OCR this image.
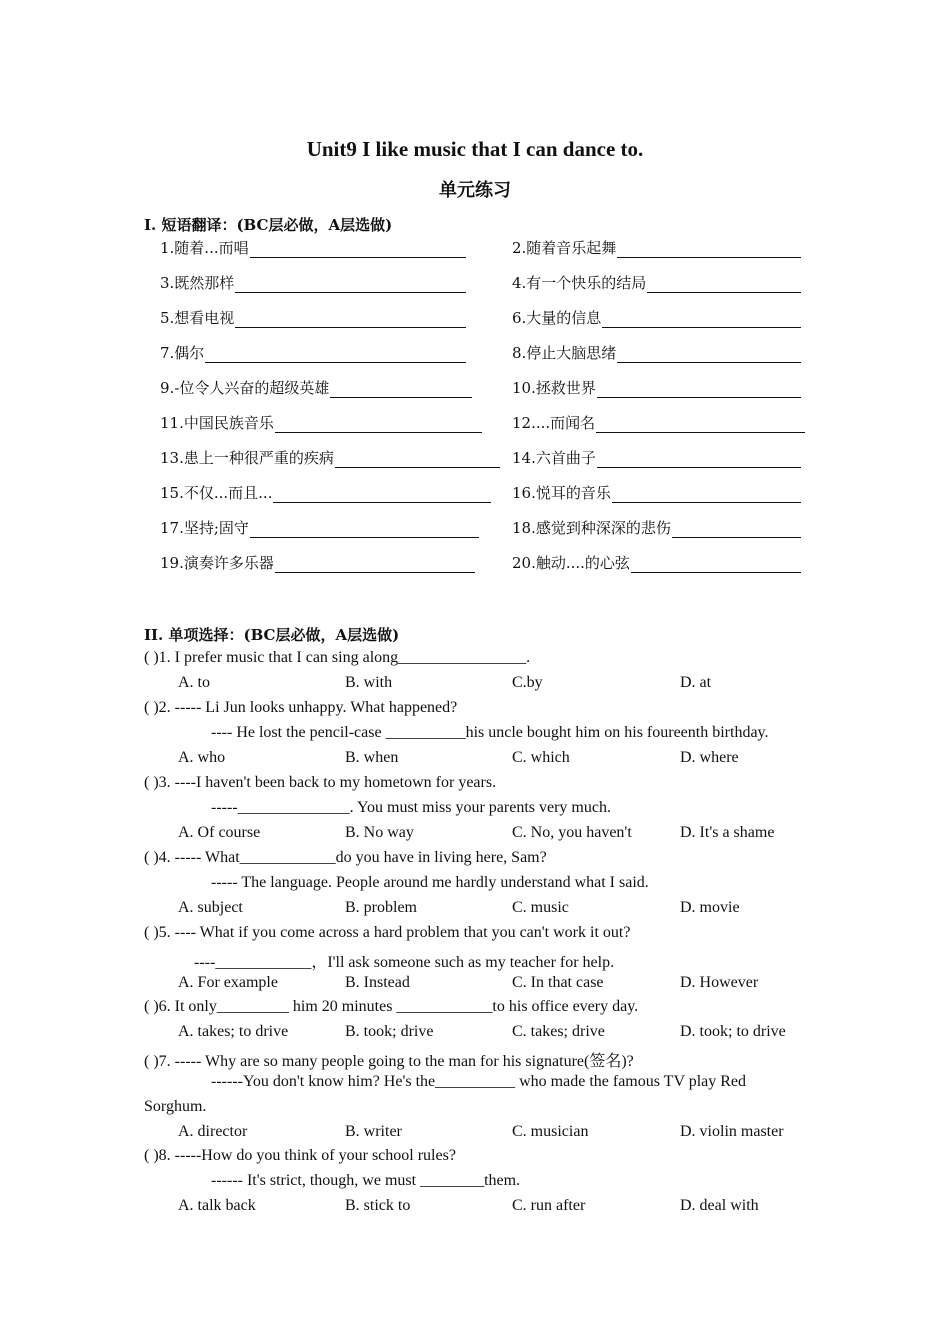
Unit9 I like music that I can dance to.
单元练习
I. 短语翻译：(BC层必做，A层选做)
1.随着...而唱	2.随着音乐起舞
3.既然那样	4.有一个快乐的结局
5.想看电视	6.大量的信息
7.偶尔	8.停止大脑思绪
9.-位令人兴奋的超级英雄	10.拯救世界
11.中国民族音乐	12....而闻名
13.患上一种很严重的疾病	14.六首曲子
15.不仅...而且...	16.悦耳的音乐
17.坚持;固守	18.感觉到种深深的悲伤
19.演奏许多乐器	20.触动....的心弦
II. 单项选择：(BC层必做，A层选做)
( )1. I prefer music that I can sing along________________.
A. to	B. with	C.by	D. at
( )2. ----- Li Jun looks unhappy. What happened?
---- He lost the pencil-case __________his uncle bought him on his foureenth birthday.
A. who	B. when	C. which	D. where
( )3. ----I haven't been back to my hometown for years.
-----______________. You must miss your parents very much.
A. Of course	B. No way	C. No, you haven't	D. It's a shame
( )4. ----- What____________do you have in living here, Sam?
----- The language. People around me hardly understand what I said.
A. subject	B. problem	C. music	D. movie
( )5. ---- What if you come across a hard problem that you can't work it out?
----____________，I'll ask someone such as my teacher for help.
A. For example	B. Instead	C. In that case	D. However
( )6. It only_________ him 20 minutes ____________to his office every day.
A. takes; to drive	B. took; drive	C. takes; drive	D. took; to drive
( )7. ----- Why are so many people going to the man for his signature(签名)?
------You don't know him? He's the__________ who made the famous TV play Red
Sorghum.
A. director	B. writer	C. musician	D. violin master
( )8. -----How do you think of your school rules?
------ It's strict, though, we must ________them.
A. talk back	B. stick to	C. run after	D. deal with
